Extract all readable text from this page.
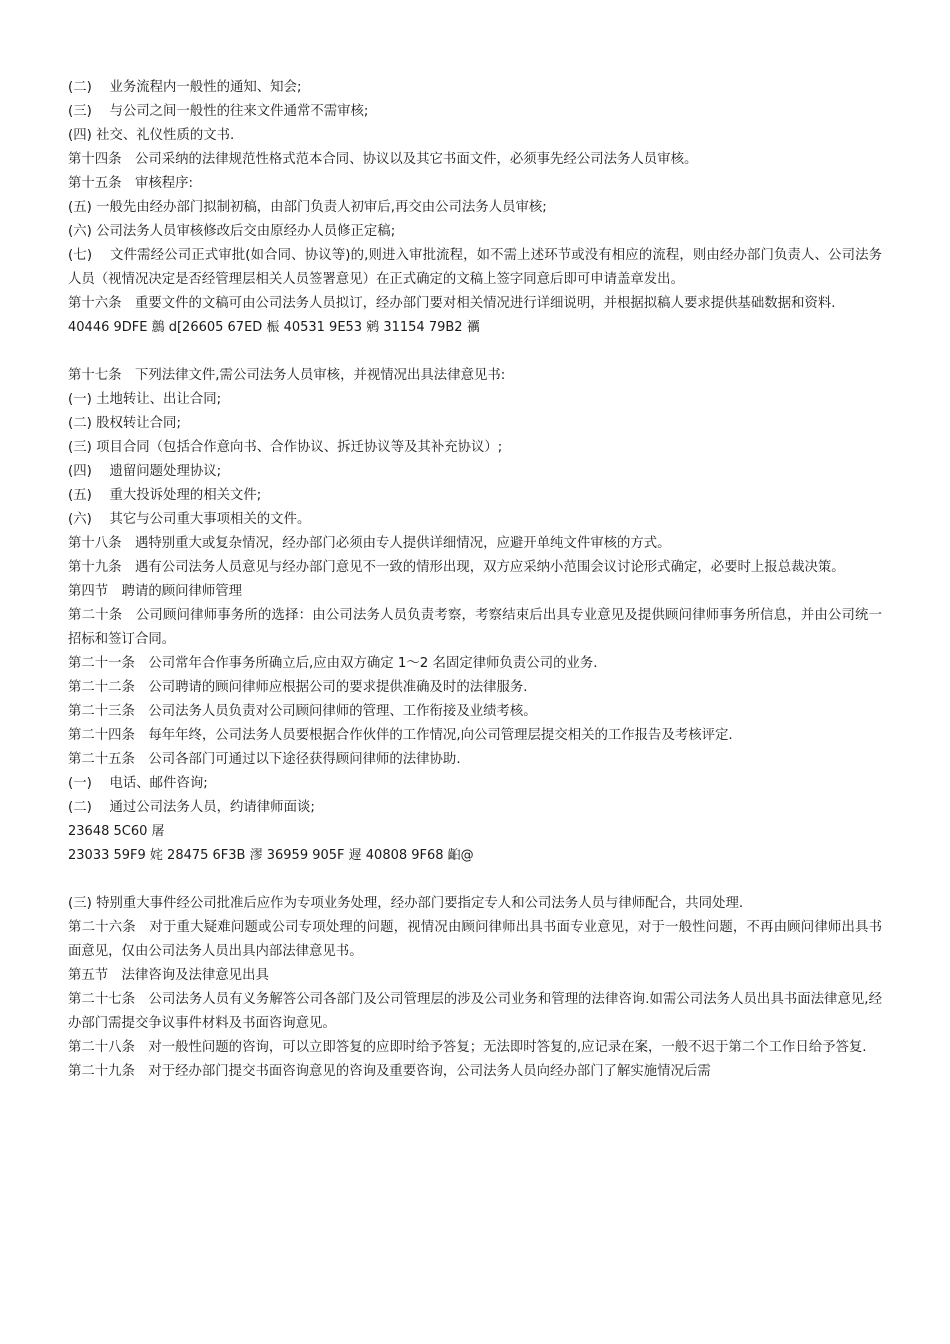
(二)　 业务流程内一般性的通知、知会;

(三)　 与公司之间一般性的往来文件通常不需审核;

(四) 社交、礼仪性质的文书.

第十四条　公司采纳的法律规范性格式范本合同、协议以及其它书面文件，必须事先经公司法务人员审核。

第十五条　审核程序:

(五) 一般先由经办部门拟制初稿，由部门负责人初审后,再交由公司法务人员审核;

(六) 公司法务人员审核修改后交由原经办人员修正定稿;

(七)　 文件需经公司正式审批(如合同、协议等)的,则进入审批流程，如不需上述环节或没有相应的流程，则由经办部门负责人、公司法务人员（视情况决定是否经管理层相关人员签署意见）在正式确定的文稿上签字同意后即可申请盖章发出。

第十六条　重要文件的文稿可由公司法务人员拟订，经办部门要对相关情况进行详细说明，并根据拟稿人要求提供基础数据和资料.

40446 9DFE 鷾 d[26605 67ED 桭 40531 9E53 鹓 31154 79B2 禲

第十七条　下列法律文件,需公司法务人员审核，并视情况出具法律意见书:

(一) 土地转让、出让合同;

(二) 股权转让合同;

(三) 项目合同（包括合作意向书、合作协议、拆迁协议等及其补充协议）;

(四)　 遗留问题处理协议;

(五)　 重大投诉处理的相关文件;

(六)　 其它与公司重大事项相关的文件。

第十八条　遇特别重大或复杂情况，经办部门必须由专人提供详细情况，应避开单纯文件审核的方式。

第十九条　遇有公司法务人员意见与经办部门意见不一致的情形出现，双方应采纳小范围会议讨论形式确定，必要时上报总裁决策。

第四节　聘请的顾问律师管理

第二十条　公司顾问律师事务所的选择：由公司法务人员负责考察，考察结束后出具专业意见及提供顾问律师事务所信息，并由公司统一招标和签订合同。

第二十一条　公司常年合作事务所确立后,应由双方确定 1～2 名固定律师负责公司的业务.

第二十二条　公司聘请的顾问律师应根据公司的要求提供准确及时的法律服务.

第二十三条　公司法务人员负责对公司顾问律师的管理、工作衔接及业绩考核。

第二十四条　每年年终，公司法务人员要根据合作伙伴的工作情况,向公司管理层提交相关的工作报告及考核评定.

第二十五条　公司各部门可通过以下途径获得顾问律师的法律协助.

(一)　 电话、邮件咨询;

(二)　 通过公司法务人员，约请律师面谈;

23648 5C60 屠

23033 59F9 姹 28475 6F3B 漻 36959 905F 遟 40808 9F68 齨@

(三) 特别重大事件经公司批准后应作为专项业务处理，经办部门要指定专人和公司法务人员与律师配合，共同处理.

第二十六条　对于重大疑难问题或公司专项处理的问题，视情况由顾问律师出具书面专业意见，对于一般性问题，不再由顾问律师出具书面意见，仅由公司法务人员出具内部法律意见书。

第五节　法律咨询及法律意见出具

第二十七条　公司法务人员有义务解答公司各部门及公司管理层的涉及公司业务和管理的法律咨询.如需公司法务人员出具书面法律意见,经办部门需提交争议事件材料及书面咨询意见。

第二十八条　对一般性问题的咨询，可以立即答复的应即时给予答复；无法即时答复的,应记录在案，一般不迟于第二个工作日给予答复.

第二十九条　对于经办部门提交书面咨询意见的咨询及重要咨询，公司法务人员向经办部门了解实施情况后需
